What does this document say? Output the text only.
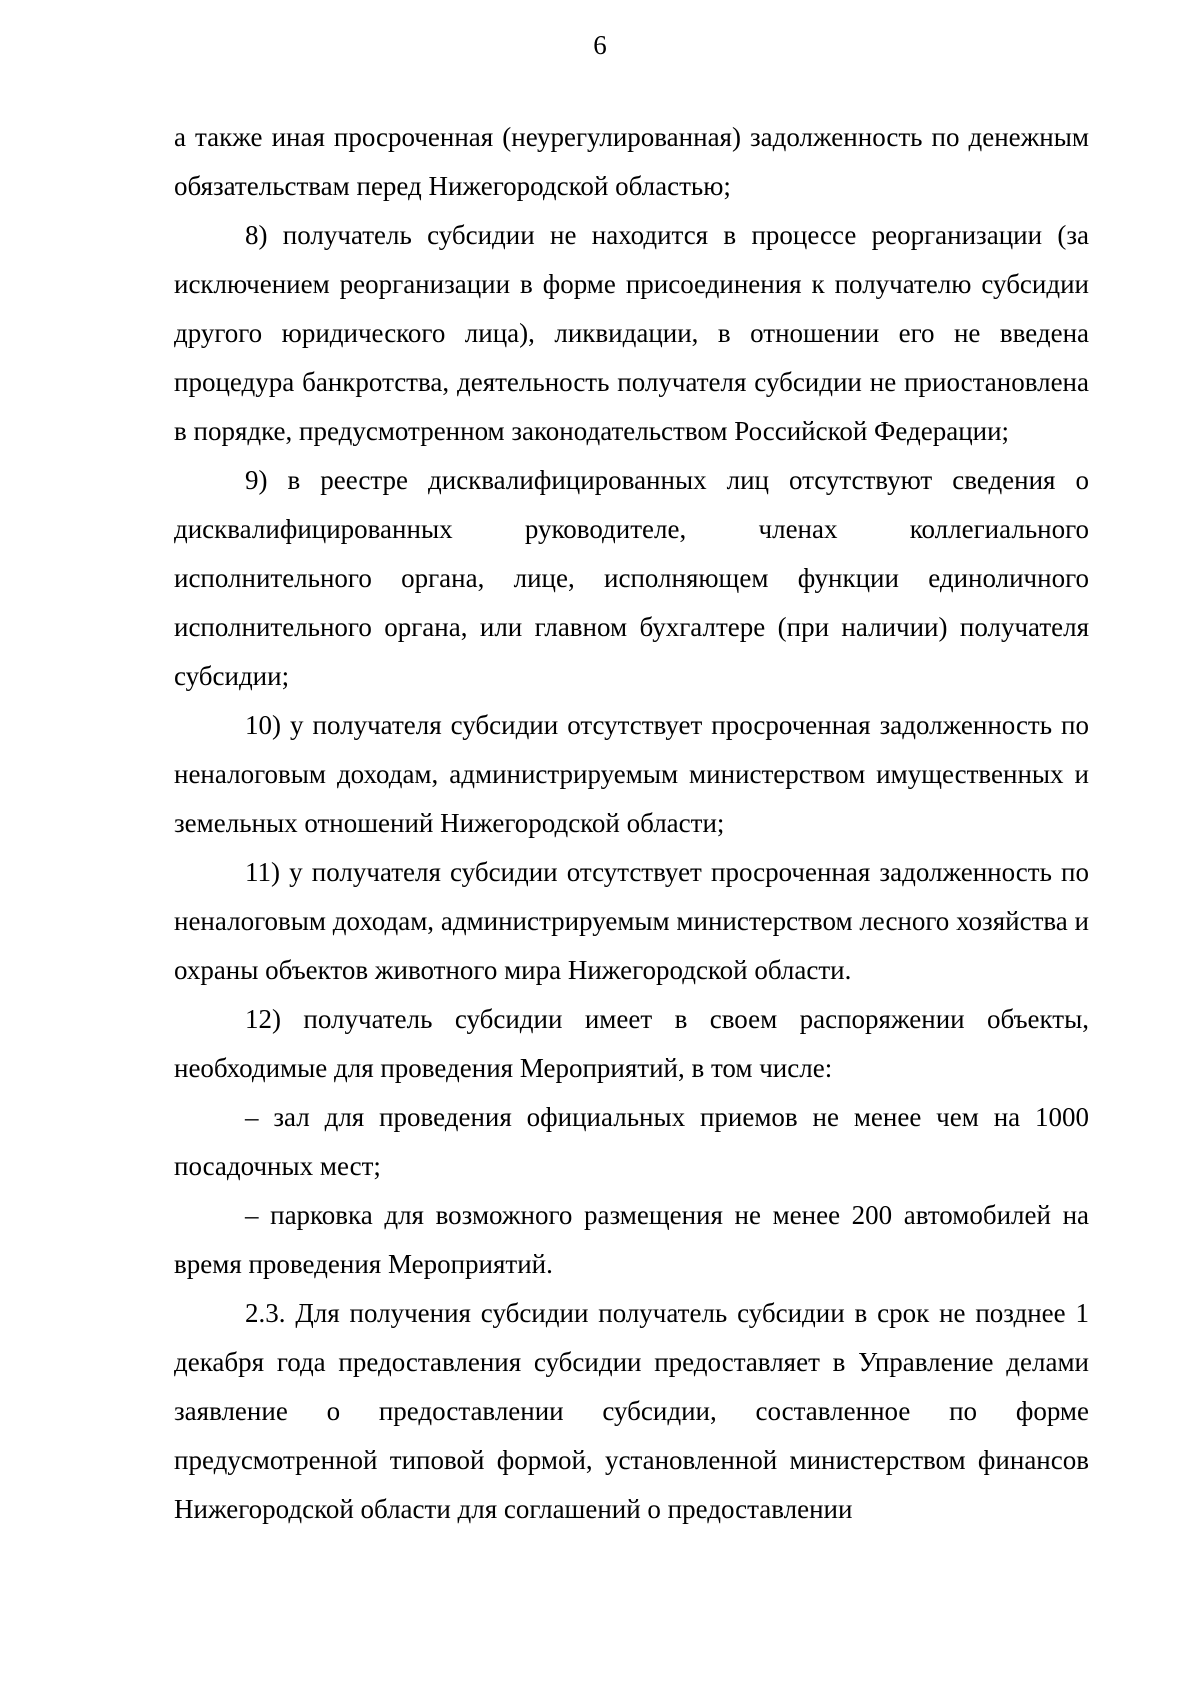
6

а также иная просроченная (неурегулированная) задолженность по денежным обязательствам перед Нижегородской областью;

8) получатель субсидии не находится в процессе реорганизации (за исключением реорганизации в форме присоединения к получателю субсидии другого юридического лица), ликвидации, в отношении его не введена процедура банкротства, деятельность получателя субсидии не приостановлена в порядке, предусмотренном законодательством Российской Федерации;

9) в реестре дисквалифицированных лиц отсутствуют сведения о дисквалифицированных руководителе, членах коллегиального исполнительного органа, лице, исполняющем функции единоличного исполнительного органа, или главном бухгалтере (при наличии) получателя субсидии;

10) у получателя субсидии отсутствует просроченная задолженность по неналоговым доходам, администрируемым министерством имущественных и земельных отношений Нижегородской области;

11) у получателя субсидии отсутствует просроченная задолженность по неналоговым доходам, администрируемым министерством лесного хозяйства и охраны объектов животного мира Нижегородской области.

12) получатель субсидии имеет в своем распоряжении объекты, необходимые для проведения Мероприятий, в том числе:

– зал для проведения официальных приемов не менее чем на 1000 посадочных мест;

– парковка для возможного размещения не менее 200 автомобилей на время проведения Мероприятий.

2.3. Для получения субсидии получатель субсидии в срок не позднее 1 декабря года предоставления субсидии предоставляет в Управление делами заявление о предоставлении субсидии, составленное по форме предусмотренной типовой формой, установленной министерством финансов Нижегородской области для соглашений о предоставлении
